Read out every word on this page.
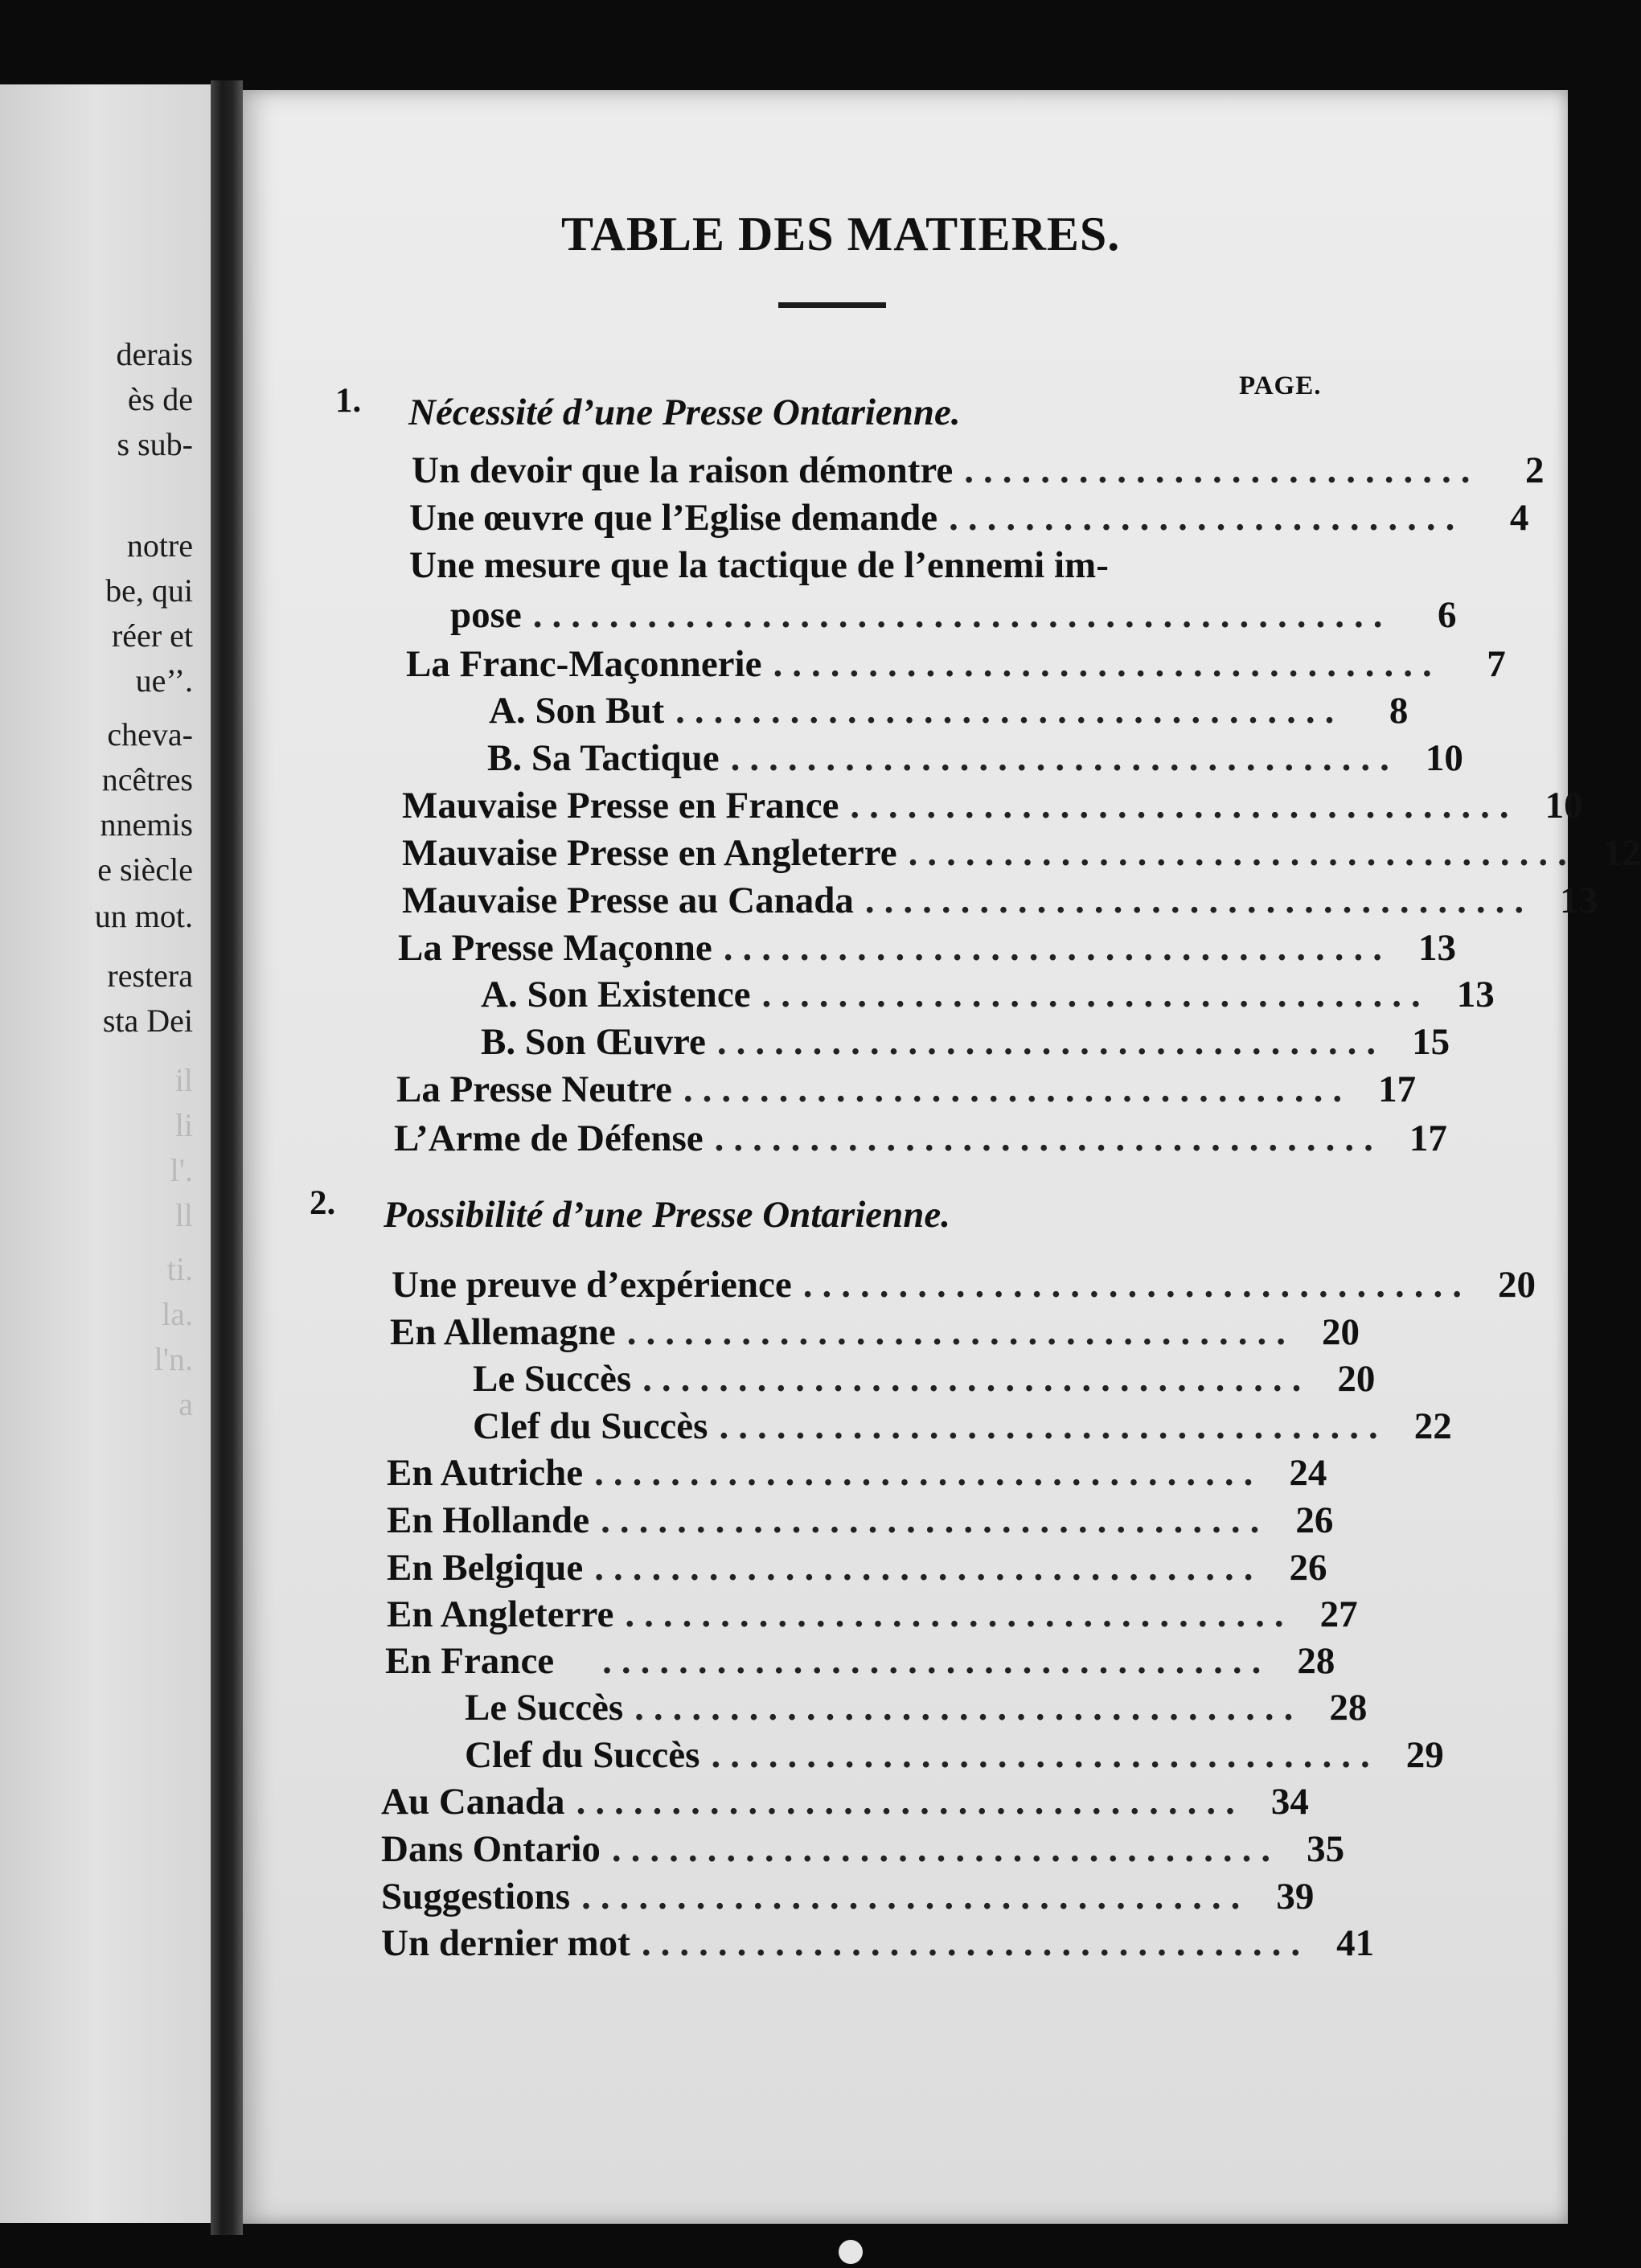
derais
ès de
s sub-
notre
be, qui
réer et
ue’’.
cheva-
ncêtres
nnemis
e siècle
un mot.
restera
sta Dei
il
li
l'.
ll
ti.
la.
l'n.
a
TABLE DES MATIERES.
PAGE.
1. Nécessité d’une Presse Ontarienne.
Un devoir que la raison démontre ...........................	2
Une œuvre que l’Eglise demande ...........................	4
Une mesure que la tactique de l’ennemi im-
pose .............................................	6
La Franc-Maçonnerie ...................................	7
A. Son But ...................................	8
B. Sa Tactique ................................... 10
Mauvaise Presse en France ................................... 10
Mauvaise Presse en Angleterre ................................... 12
Mauvaise Presse au Canada ................................... 13
La Presse Maçonne ................................... 13
A. Son Existence ................................... 13
B. Son Œuvre ................................... 15
La Presse Neutre ................................... 17
L’Arme de Défense ................................... 17
2. Possibilité d’une Presse Ontarienne.
Une preuve d’expérience ................................... 20
En Allemagne ................................... 20
Le Succès ................................... 20
Clef du Succès ................................... 22
En Autriche ................................... 24
En Hollande ................................... 26
En Belgique ................................... 26
En Angleterre ................................... 27
En France ................................... 28
Le Succès ................................... 28
Clef du Succès ................................... 29
Au Canada ................................... 34
Dans Ontario ................................... 35
Suggestions ................................... 39
Un dernier mot ................................... 41
